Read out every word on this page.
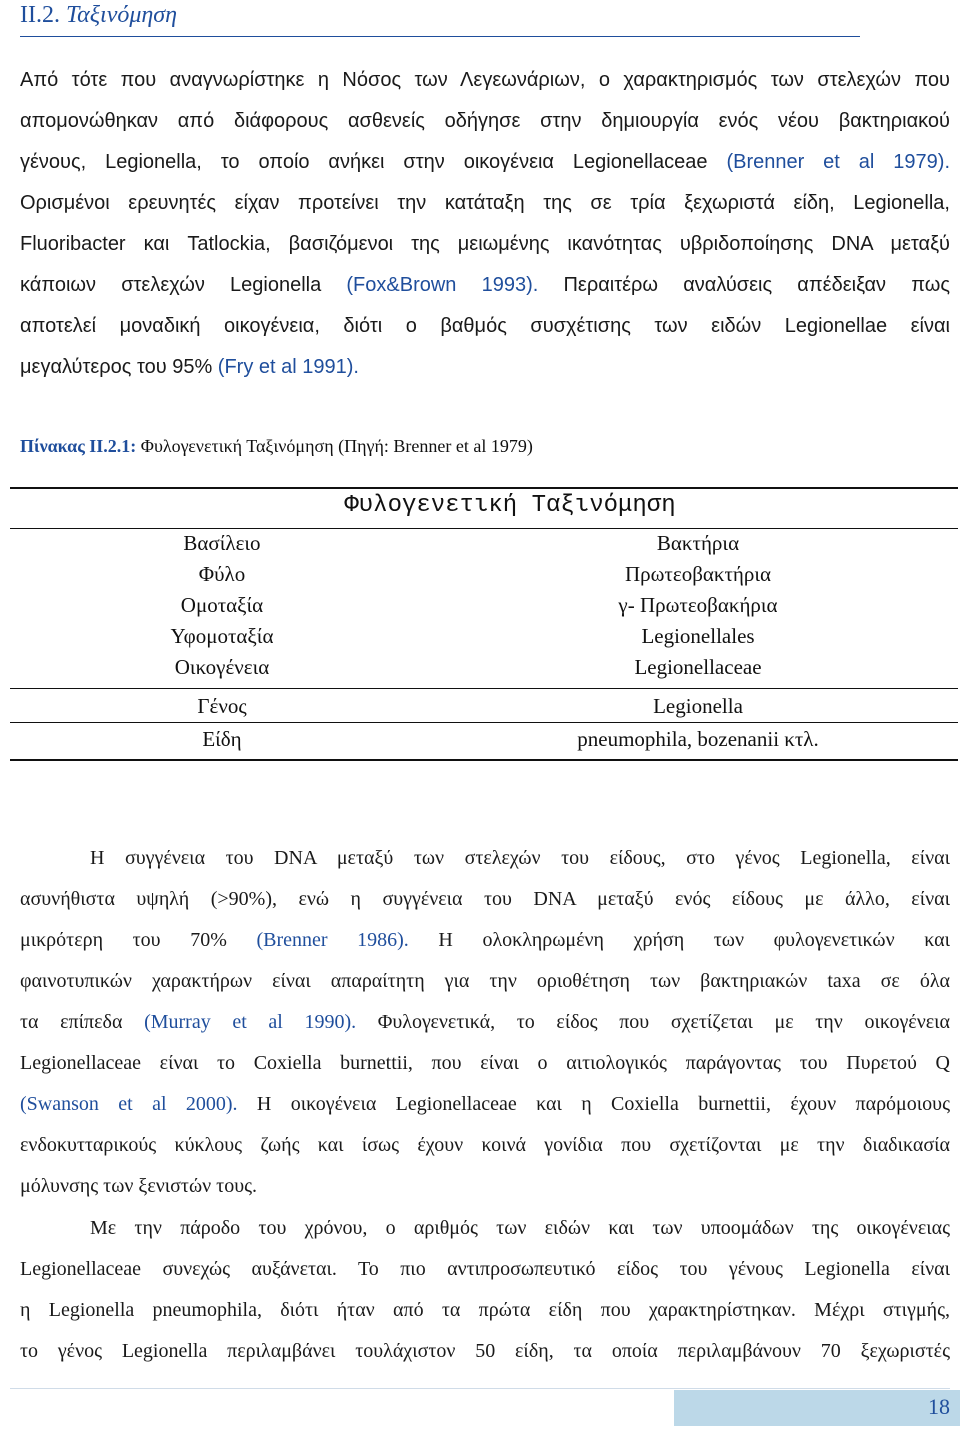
II.2. Ταξινόμηση
Από τότε που αναγνωρίστηκε η Νόσος των Λεγεωνάριων, ο χαρακτηρισμός των στελεχών που
απομονώθηκαν από διάφορους ασθενείς οδήγησε στην δημιουργία ενός νέου βακτηριακού
γένους, Legionella, το οποίο ανήκει στην οικογένεια Legionellaceae (Brenner et al 1979).
Ορισμένοι ερευνητές είχαν προτείνει την κατάταξη της σε τρία ξεχωριστά είδη, Legionella,
Fluoribacter και Tatlockia, βασιζόμενοι της μειωμένης ικανότητας υβριδοποίησης DNA μεταξύ
κάποιων στελεχών Legionella (Fox&Brown 1993). Περαιτέρω αναλύσεις απέδειξαν πως
αποτελεί μοναδική οικογένεια, διότι ο βαθμός συσχέτισης των ειδών Legionellae είναι
μεγαλύτερος του 95% (Fry et al 1991).
Πίνακας ΙΙ.2.1: Φυλογενετική Ταξινόμηση (Πηγή: Brenner et al 1979)
Φυλογενετική Ταξινόμηση
Βασίλειο	Βακτήρια
Φύλο	Πρωτεοβακτήρια
Ομοταξία	γ- Πρωτεοβακήρια
Υφομοταξία	Legionellales
Οικογένεια	Legionellaceae
Γένος	Legionella
Είδη	pneumophila, bozenanii κτλ.
Η συγγένεια του DNA μεταξύ των στελεχών του είδους, στο γένος Legionella, είναι
ασυνήθιστα υψηλή (>90%), ενώ η συγγένεια του DNA μεταξύ ενός είδους με άλλο, είναι
μικρότερη του 70% (Brenner 1986). Η ολοκληρωμένη χρήση των φυλογενετικών και
φαινοτυπικών χαρακτήρων είναι απαραίτητη για την οριοθέτηση των βακτηριακών taxa σε όλα
τα επίπεδα (Murray et al 1990). Φυλογενετικά, το είδος που σχετίζεται με την οικογένεια
Legionellaceae είναι το Coxiella burnettii, που είναι ο αιτιολογικός παράγοντας του Πυρετού Q
(Swanson et al 2000). Η οικογένεια Legionellaceae και η Coxiella burnettii, έχουν παρόμοιους
ενδοκυτταρικούς κύκλους ζωής και ίσως έχουν κοινά γονίδια που σχετίζονται με την διαδικασία
μόλυνσης των ξενιστών τους.
Με την πάροδο του χρόνου, ο αριθμός των ειδών και των υποομάδων της οικογένειας
Legionellaceae συνεχώς αυξάνεται. Το πιο αντιπροσωπευτικό είδος του γένους Legionella είναι
η Legionella pneumophila, διότι ήταν από τα πρώτα είδη που χαρακτηρίστηκαν. Μέχρι στιγμής,
το γένος Legionella περιλαμβάνει τουλάχιστον 50 είδη, τα οποία περιλαμβάνουν 70 ξεχωριστές
18
